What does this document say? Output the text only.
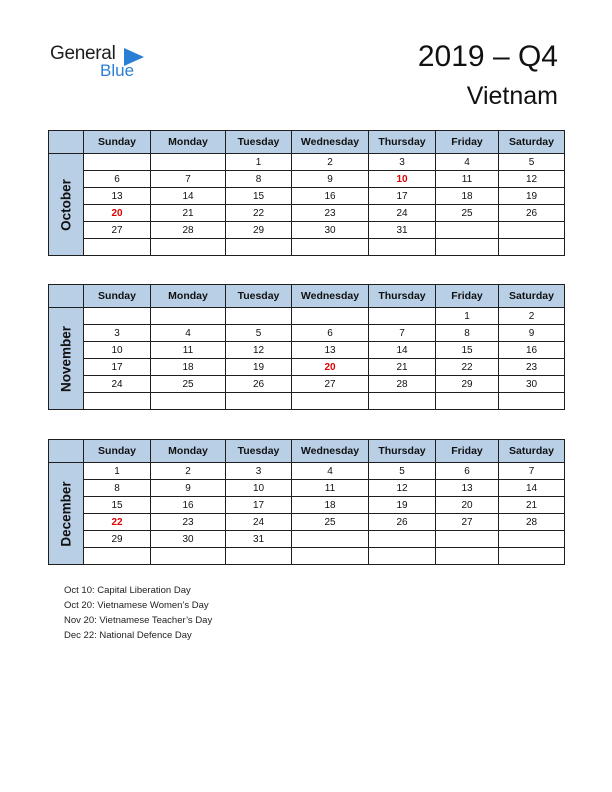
General
Blue	2019 – Q4
Vietnam
	Sunday	Monday	Tuesday	Wednesday	Thursday	Friday	Saturday

October			1	2	3	4	5
	6	7	8	9	10	11	12
	13	14	15	16	17	18	19
	20	21	22	23	24	25	26
	27	28	29	30	31		

	Sunday	Monday	Tuesday	Wednesday	Thursday	Friday	Saturday

November						1	2
	3	4	5	6	7	8	9
	10	11	12	13	14	15	16
	17	18	19	20	21	22	23
	24	25	26	27	28	29	30

	Sunday	Monday	Tuesday	Wednesday	Thursday	Friday	Saturday

December	1	2	3	4	5	6	7
	8	9	10	11	12	13	14
	15	16	17	18	19	20	21
	22	23	24	25	26	27	28
	29	30	31				

Oct 10: Capital Liberation Day
Oct 20: Vietnamese Women’s Day
Nov 20: Vietnamese Teacher’s Day
Dec 22: National Defence Day
